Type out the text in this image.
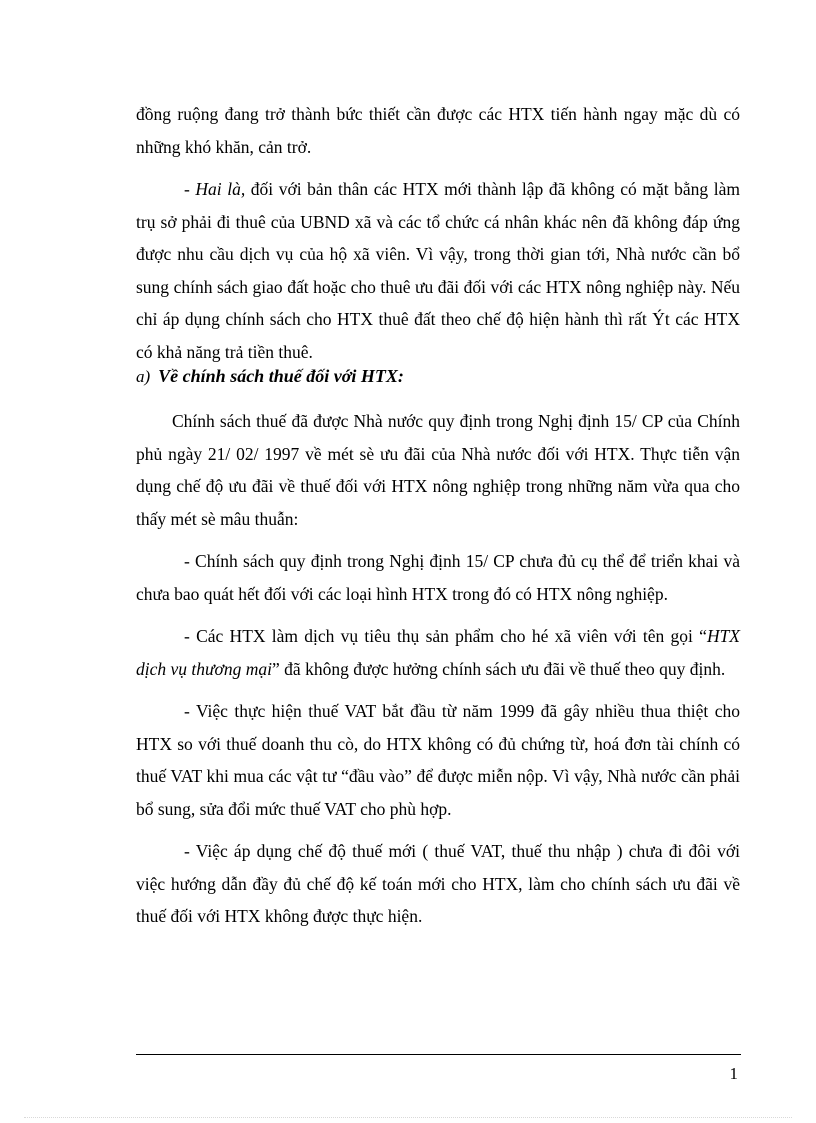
đồng ruộng đang trở thành bức thiết cần được các HTX tiến hành ngay mặc dù có những khó khăn, cản trở.

- Hai là, đối với bản thân các HTX mới thành lập đã không có mặt bằng làm trụ sở phải đi thuê của UBND xã và các tổ chức cá nhân khác nên đã không đáp ứng được nhu cầu dịch vụ của hộ xã viên. Vì vậy, trong thời gian tới, Nhà nước cần bổ sung chính sách giao đất hoặc cho thuê ưu đãi đối với các HTX nông nghiệp này. Nếu chỉ áp dụng chính sách cho HTX thuê đất theo chế độ hiện hành thì rất Ýt các HTX có khả năng trả tiền thuê.

a) Về chính sách thuế đối với HTX:

Chính sách thuế đã được Nhà nước quy định trong Nghị định 15/ CP của Chính phủ ngày 21/ 02/ 1997 về mét sè ưu đãi của Nhà nước đối với HTX. Thực tiễn vận dụng chế độ ưu đãi về thuế đối với HTX nông nghiệp trong những năm vừa qua cho thấy mét sè mâu thuẫn:

- Chính sách quy định trong Nghị định 15/ CP chưa đủ cụ thể để triển khai và chưa bao quát hết đối với các loại hình HTX trong đó có HTX nông nghiệp.

- Các HTX làm dịch vụ tiêu thụ sản phẩm cho hé xã viên với tên gọi “HTX dịch vụ thương mại” đã không được hưởng chính sách ưu đãi về thuế theo quy định.

- Việc thực hiện thuế VAT bắt đầu từ năm 1999 đã gây nhiều thua thiệt cho HTX so với thuế doanh thu cò, do HTX không có đủ chứng từ, hoá đơn tài chính có thuế VAT khi mua các vật tư “đầu vào” để được miễn nộp. Vì vậy, Nhà nước cần phải bổ sung, sửa đổi mức thuế VAT cho phù hợp.

- Việc áp dụng chế độ thuế mới ( thuế VAT, thuế thu nhập ) chưa đi đôi với việc hướng dẫn đầy đủ chế độ kế toán mới cho HTX, làm cho chính sách ưu đãi về thuế đối với HTX không được thực hiện.

1
